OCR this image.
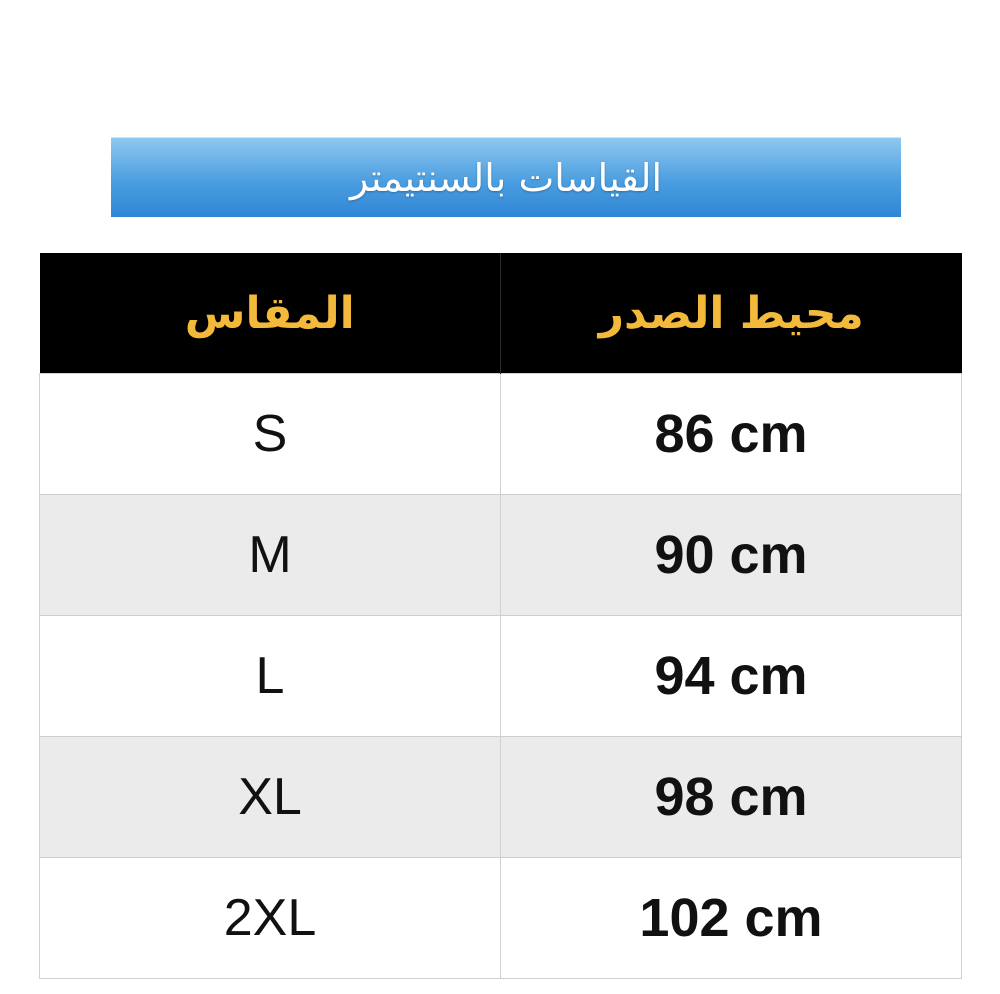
القياسات بالسنتيمتر
المقاس	محيط الصدر
S	86 cm
M	90 cm
L	94 cm
XL	98 cm
2XL	102 cm
